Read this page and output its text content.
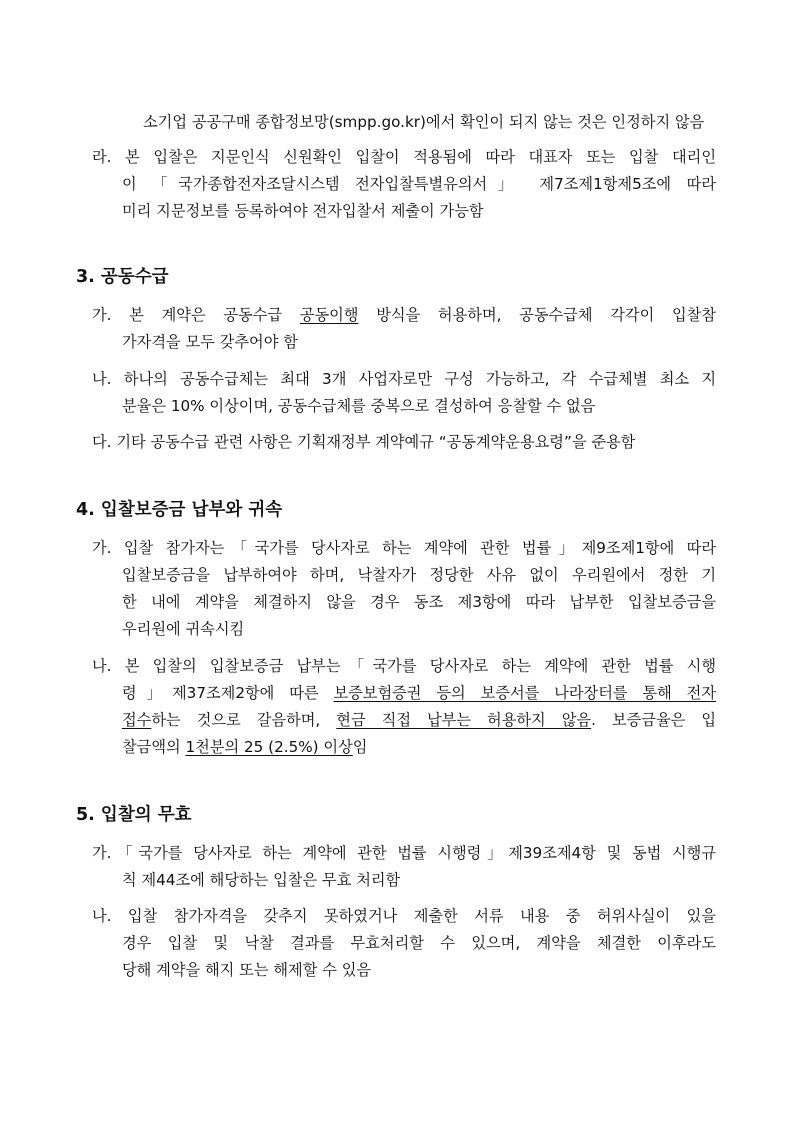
소기업 공공구매 종합정보망(smpp.go.kr)에서 확인이 되지 않는 것은 인정하지 않음
라. 본 입찰은 지문인식 신원확인 입찰이 적용됨에 따라 대표자 또는 입찰 대리인
이 「국가종합전자조달시스템 전자입찰특별유의서」 제7조제1항제5조에 따라
미리 지문정보를 등록하여야 전자입찰서 제출이 가능함
3. 공동수급
가. 본 계약은 공동수급 공동이행 방식을 허용하며, 공동수급체 각각이 입찰참
가자격을 모두 갖추어야 함
나. 하나의 공동수급체는 최대 3개 사업자로만 구성 가능하고, 각 수급체별 최소 지
분율은 10% 이상이며, 공동수급체를 중복으로 결성하여 응찰할 수 없음
다. 기타 공동수급 관련 사항은 기획재정부 계약예규 “공동계약운용요령”을 준용함
4. 입찰보증금 납부와 귀속
가. 입찰 참가자는「국가를 당사자로 하는 계약에 관한 법률」제9조제1항에 따라
입찰보증금을 납부하여야 하며, 낙찰자가 정당한 사유 없이 우리원에서 정한 기
한 내에 계약을 체결하지 않을 경우 동조 제3항에 따라 납부한 입찰보증금을
우리원에 귀속시킴
나. 본 입찰의 입찰보증금 납부는「국가를 당사자로 하는 계약에 관한 법률 시행
령」제37조제2항에 따른 보증보험증권 등의 보증서를 나라장터를 통해 전자
접수하는 것으로 갈음하며, 현금 직접 납부는 허용하지 않음. 보증금율은 입
찰금액의 1천분의 25 (2.5%) 이상임
5. 입찰의 무효
가.「국가를 당사자로 하는 계약에 관한 법률 시행령」제39조제4항 및 동법 시행규
칙 제44조에 해당하는 입찰은 무효 처리함
나. 입찰 참가자격을 갖추지 못하였거나 제출한 서류 내용 중 허위사실이 있을
경우 입찰 및 낙찰 결과를 무효처리할 수 있으며, 계약을 체결한 이후라도
당해 계약을 해지 또는 해제할 수 있음
